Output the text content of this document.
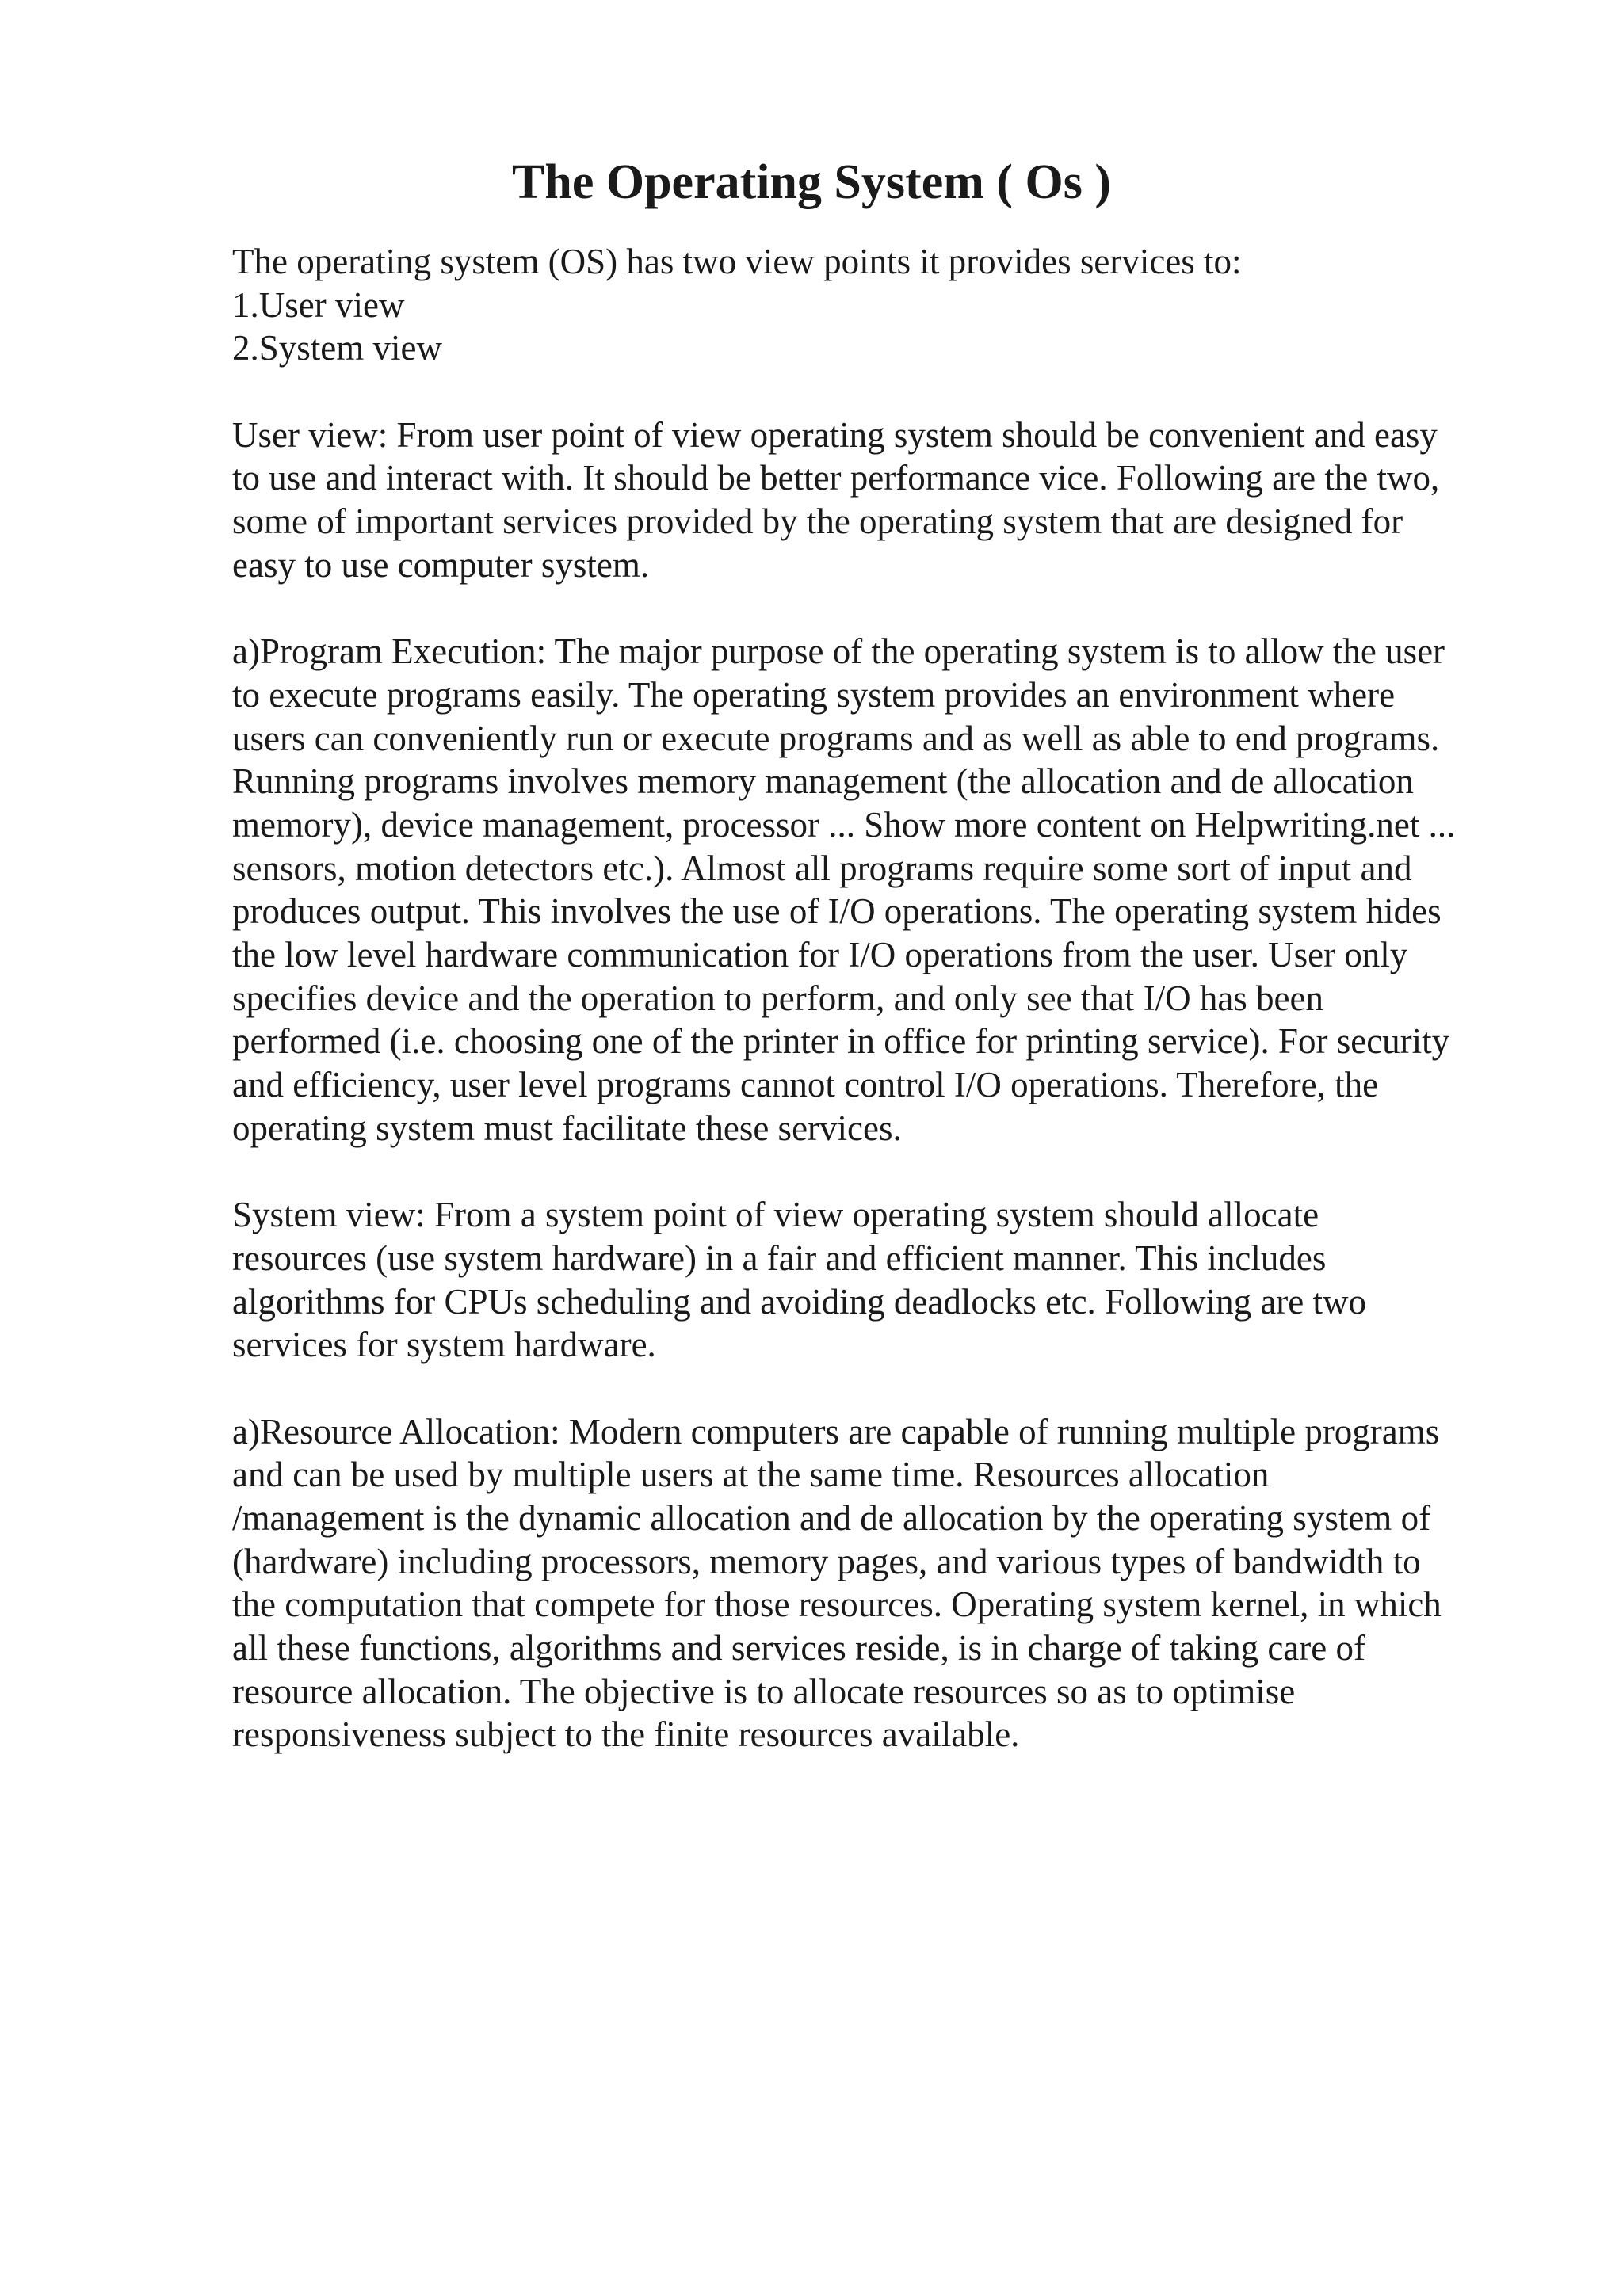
The Operating System ( Os )
The operating system (OS) has two view points it provides services to:
1.User view
2.System view
User view: From user point of view operating system should be convenient and easy
to use and interact with. It should be better performance vice. Following are the two,
some of important services provided by the operating system that are designed for
easy to use computer system.
a)Program Execution: The major purpose of the operating system is to allow the user
to execute programs easily. The operating system provides an environment where
users can conveniently run or execute programs and as well as able to end programs.
Running programs involves memory management (the allocation and de allocation
memory), device management, processor ... Show more content on Helpwriting.net ...
sensors, motion detectors etc.). Almost all programs require some sort of input and
produces output. This involves the use of I/O operations. The operating system hides
the low level hardware communication for I/O operations from the user. User only
specifies device and the operation to perform, and only see that I/O has been
performed (i.e. choosing one of the printer in office for printing service). For security
and efficiency, user level programs cannot control I/O operations. Therefore, the
operating system must facilitate these services.
System view: From a system point of view operating system should allocate
resources (use system hardware) in a fair and efficient manner. This includes
algorithms for CPUs scheduling and avoiding deadlocks etc. Following are two
services for system hardware.
a)Resource Allocation: Modern computers are capable of running multiple programs
and can be used by multiple users at the same time. Resources allocation
/management is the dynamic allocation and de allocation by the operating system of
(hardware) including processors, memory pages, and various types of bandwidth to
the computation that compete for those resources. Operating system kernel, in which
all these functions, algorithms and services reside, is in charge of taking care of
resource allocation. The objective is to allocate resources so as to optimise
responsiveness subject to the finite resources available.
